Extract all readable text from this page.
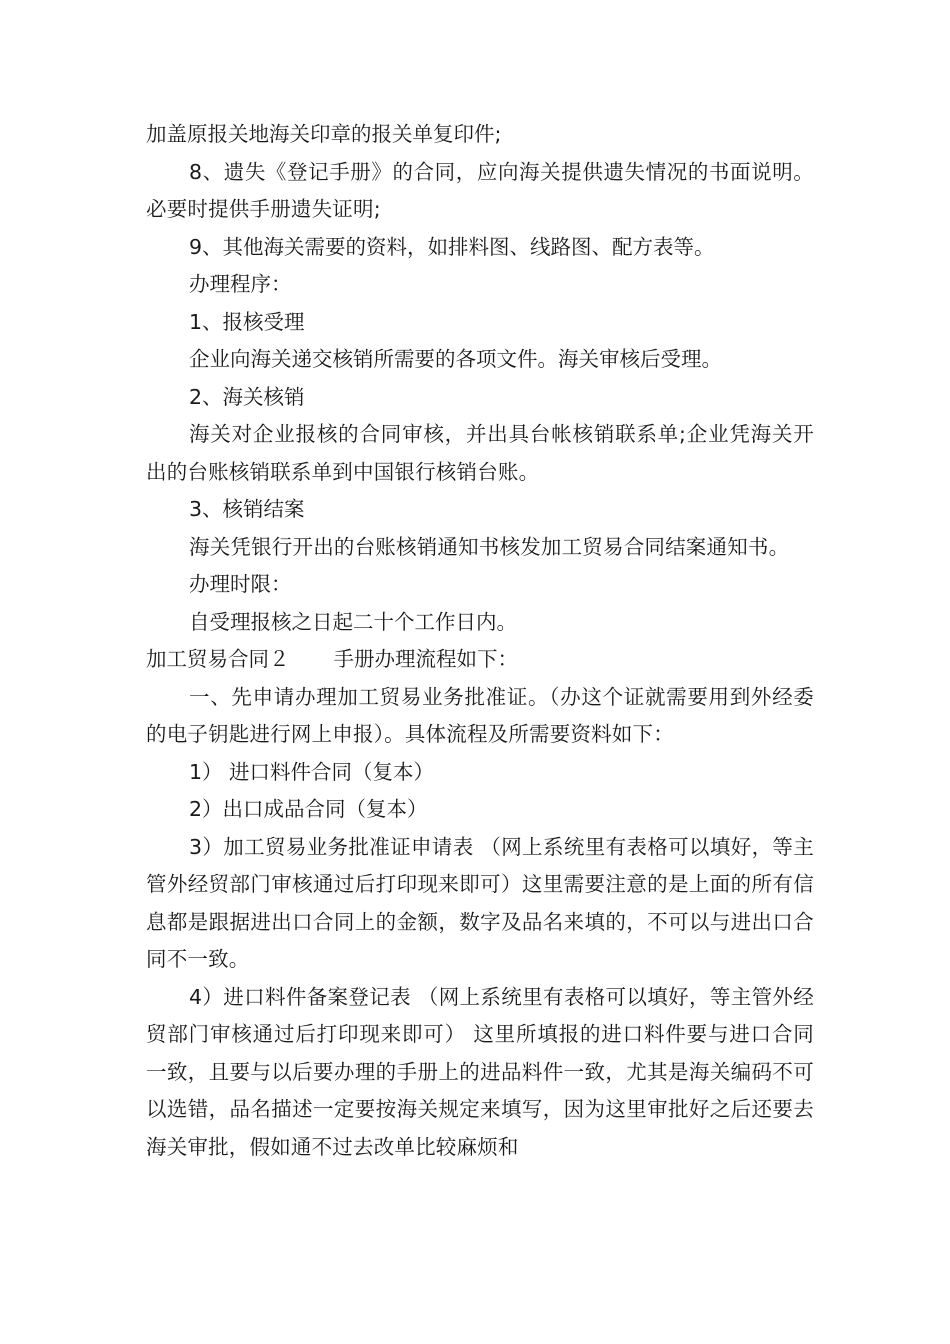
加盖原报关地海关印章的报关单复印件;
8、遗失《登记手册》的合同，应向海关提供遗失情况的书面说明。必要时提供手册遗失证明;
9、其他海关需要的资料，如排料图、线路图、配方表等。
办理程序：
1、报核受理
企业向海关递交核销所需要的各项文件。海关审核后受理。
2、海关核销
海关对企业报核的合同审核，并出具台帐核销联系单;企业凭海关开出的台账核销联系单到中国银行核销台账。
3、核销结案
海关凭银行开出的台账核销通知书核发加工贸易合同结案通知书。
办理时限：
自受理报核之日起二十个工作日内。
加工贸易合同２ 手册办理流程如下：
一、先申请办理加工贸易业务批准证。（办这个证就需要用到外经委的电子钥匙进行网上申报）。具体流程及所需要资料如下：
1） 进口料件合同（复本）
2）出口成品合同（复本）
3）加工贸易业务批准证申请表 （网上系统里有表格可以填好，等主管外经贸部门审核通过后打印现来即可）这里需要注意的是上面的所有信息都是跟据进出口合同上的金额，数字及品名来填的，不可以与进出口合同不一致。
4）进口料件备案登记表 （网上系统里有表格可以填好，等主管外经贸部门审核通过后打印现来即可） 这里所填报的进口料件要与进口合同一致，且要与以后要办理的手册上的进品料件一致，尤其是海关编码不可以选错，品名描述一定要按海关规定来填写，因为这里审批好之后还要去海关审批，假如通不过去改单比较麻烦和
